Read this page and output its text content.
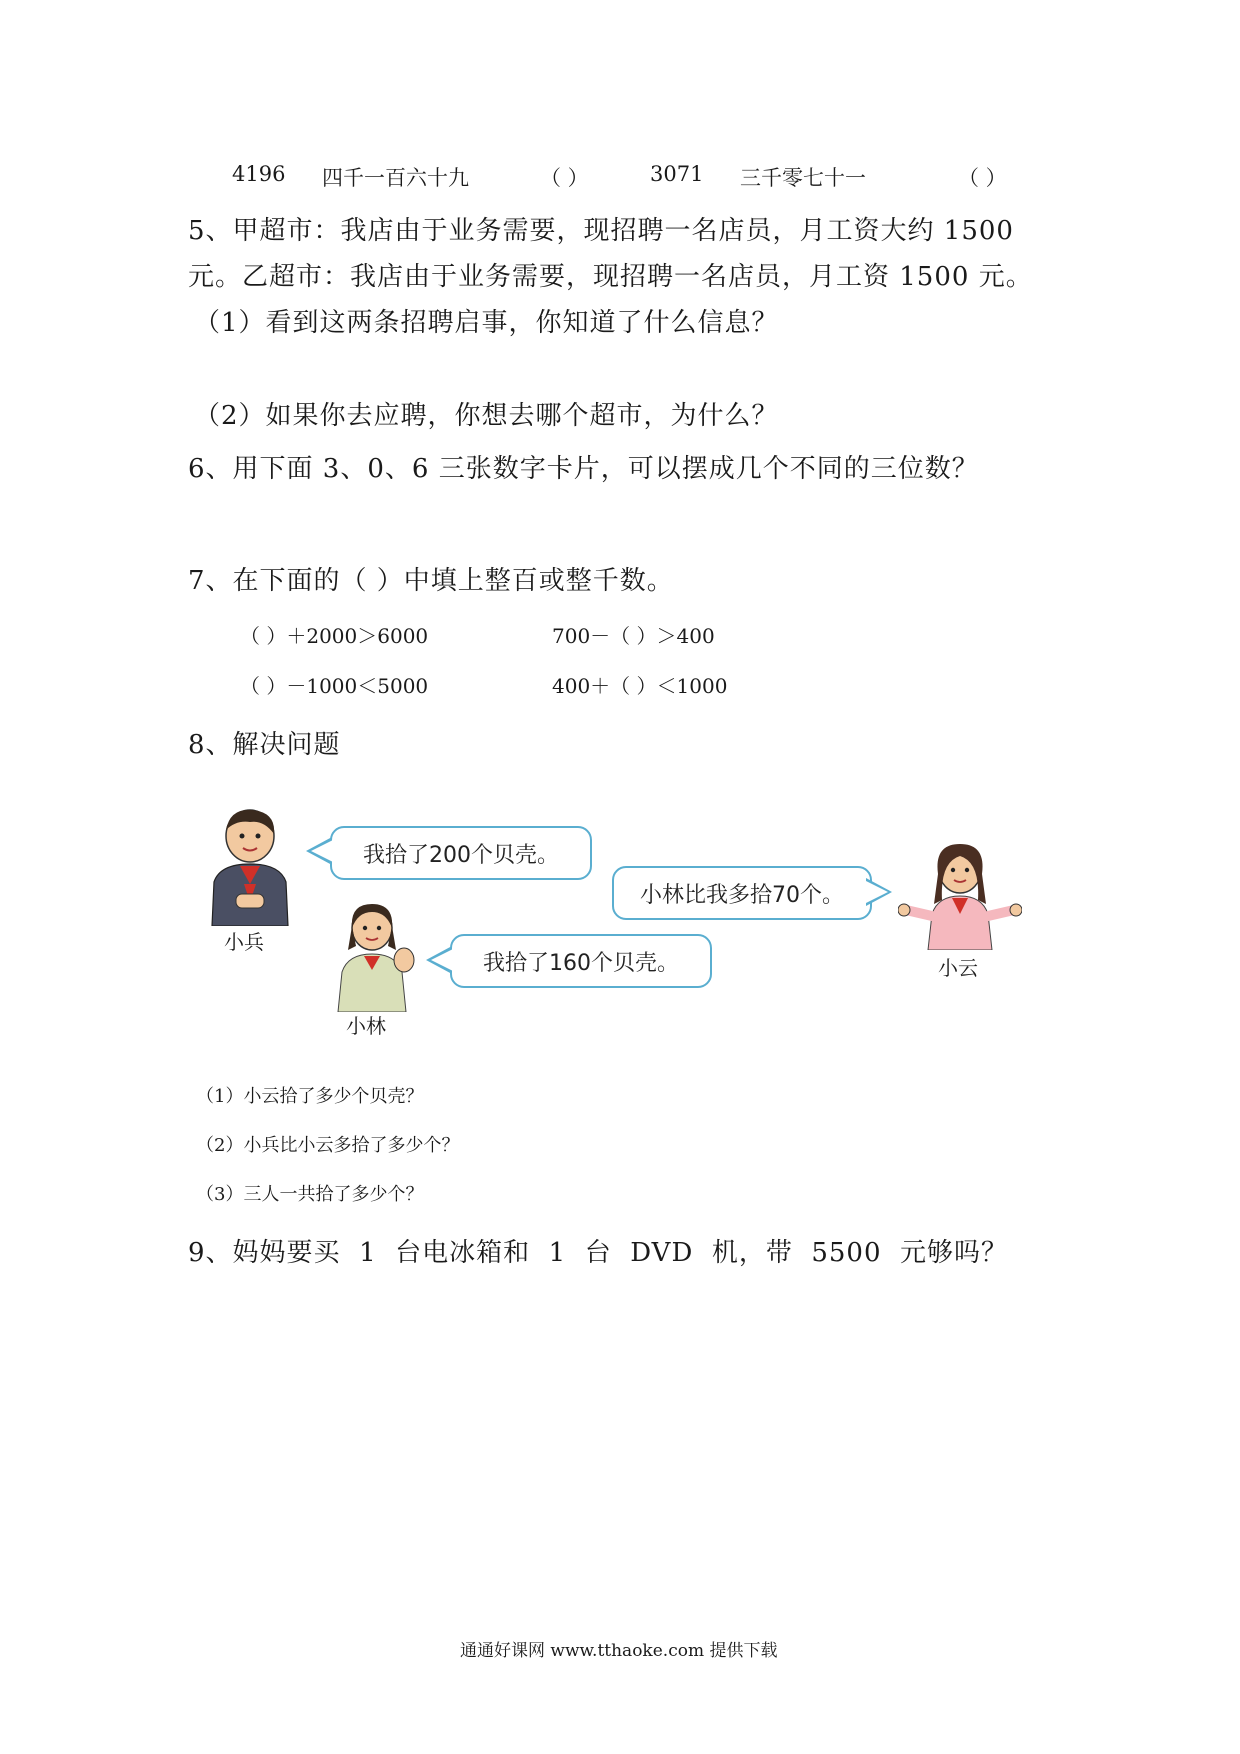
4196 四千一百六十九	（ ）	3071 三千零七十一	（ ）
5、甲超市：我店由于业务需要，现招聘一名店员，月工资大约 1500
元。乙超市：我店由于业务需要，现招聘一名店员，月工资 1500 元。
（1）看到这两条招聘启事，你知道了什么信息？
（2）如果你去应聘，你想去哪个超市，为什么？
6、用下面 3、0、6 三张数字卡片，可以摆成几个不同的三位数？
7、在下面的（ ）中填上整百或整千数。
（ ）＋2000＞6000	700－（ ）＞400
（ ）－1000＜5000	400＋（ ）＜1000
8、解决问题
小兵
我拾了200个贝壳。
小林
我拾了160个贝壳。
小林比我多拾70个。
小云
（1）小云拾了多少个贝壳？
（2）小兵比小云多拾了多少个？
（3）三人一共拾了多少个？
9、妈妈要买  1  台电冰箱和  1  台  DVD  机，带  5500  元够吗？
通通好课网 www.tthaoke.com 提供下载
